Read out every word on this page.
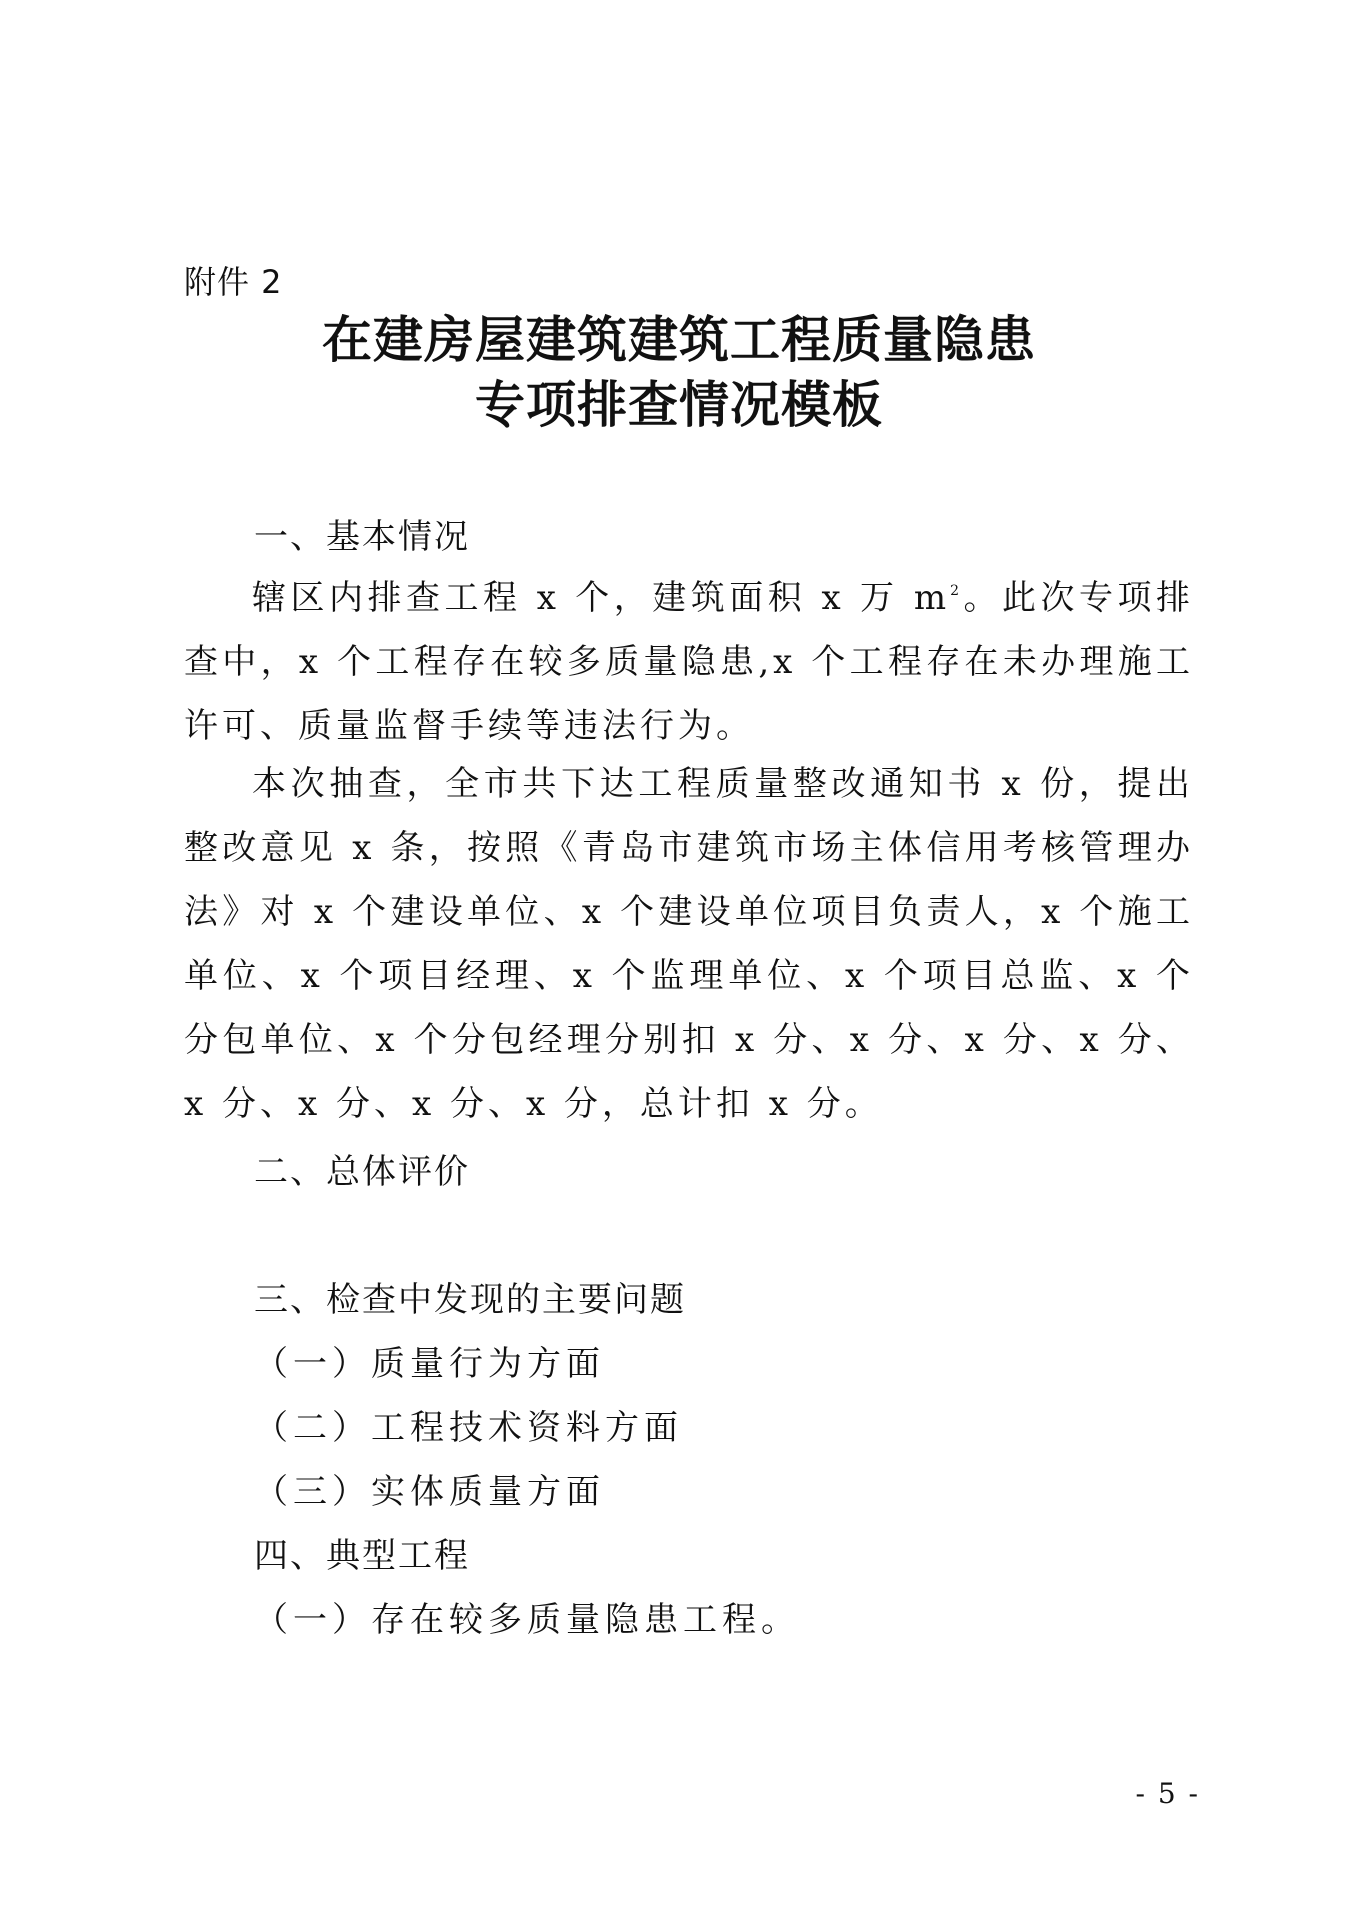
附件 2
在建房屋建筑建筑工程质量隐患
专项排查情况模板
一、基本情况
辖区内排查工程 x 个，建筑面积 x 万 $m^2$。此次专项排查中，x 个工程存在较多质量隐患,x 个工程存在未办理施工许可、质量监督手续等违法行为。
本次抽查，全市共下达工程质量整改通知书 x 份，提出整改意见 x 条，按照《青岛市建筑市场主体信用考核管理办法》对 x 个建设单位、x 个建设单位项目负责人，x 个施工单位、x 个项目经理、x 个监理单位、x 个项目总监、x 个分包单位、x 个分包经理分别扣 x 分、x 分、x 分、x 分、x 分、x 分、x 分、x 分，总计扣 x 分。
二、总体评价
三、检查中发现的主要问题
（一）质量行为方面
（二）工程技术资料方面
（三）实体质量方面
四、典型工程
（一）存在较多质量隐患工程。
- 5 -
